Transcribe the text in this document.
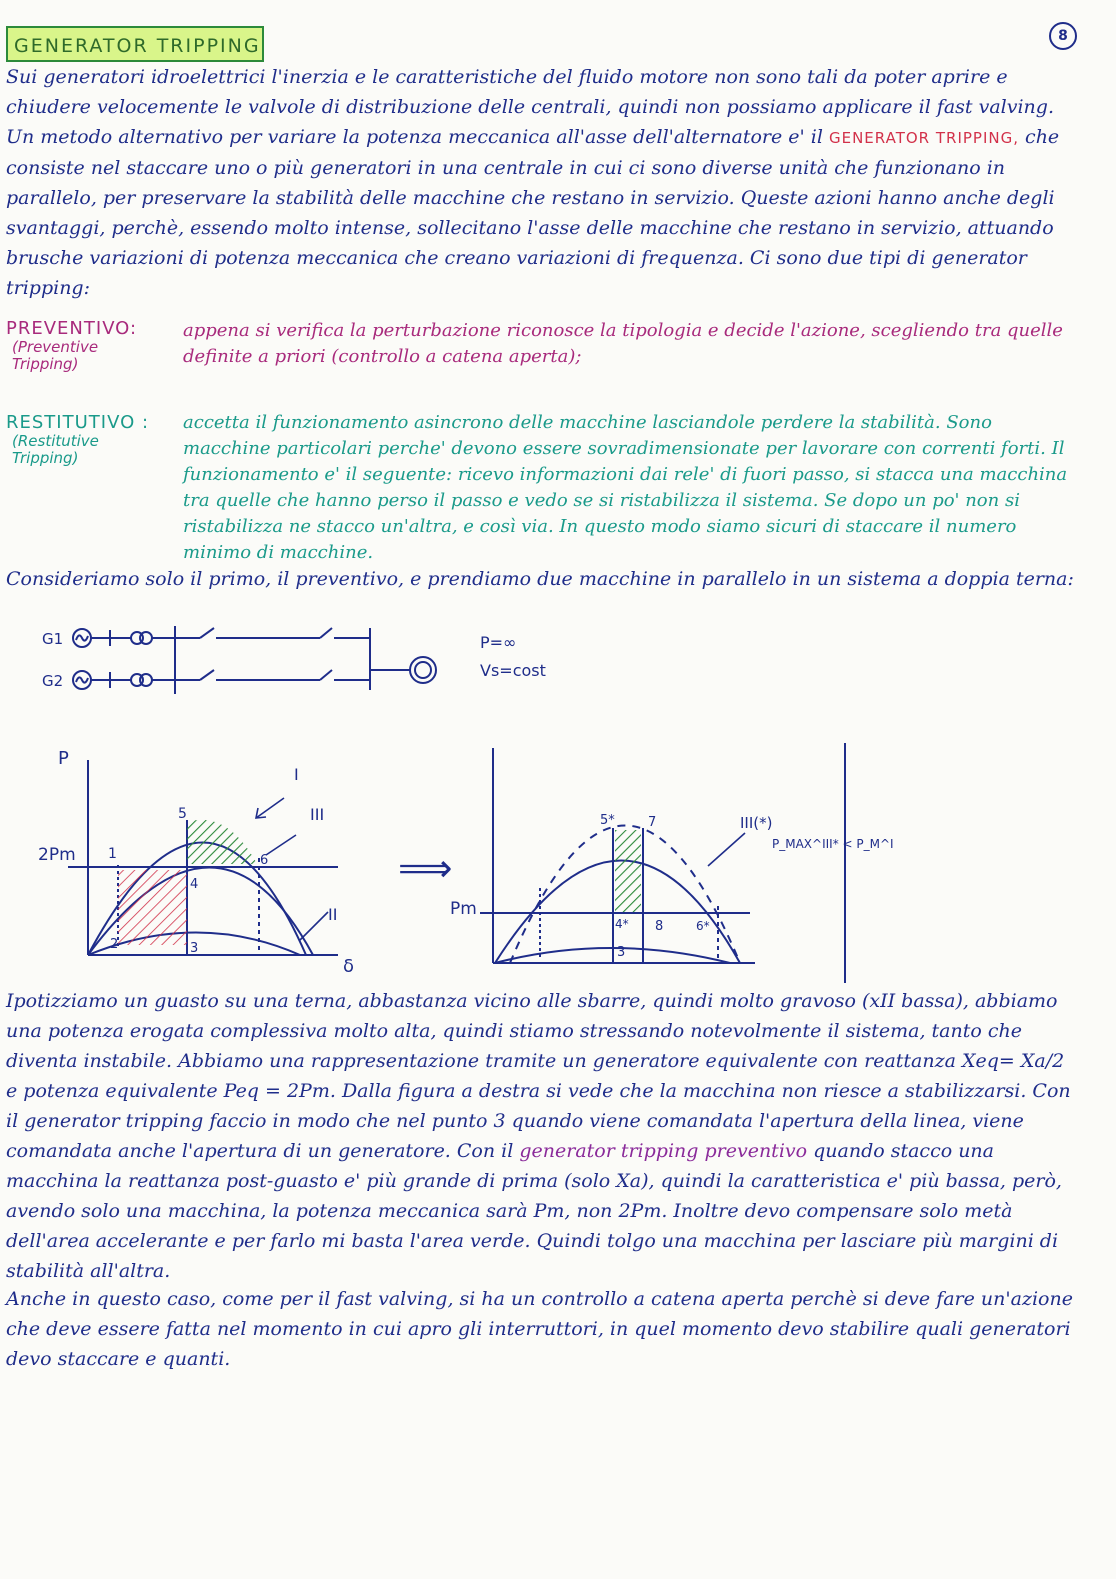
GENERATOR TRIPPING	8

Sui generatori idroelettrici l'inerzia e le caratteristiche del fluido motore non sono tali da poter aprire e chiudere velocemente le valvole di distribuzione delle centrali, quindi non possiamo applicare il fast valving. Un metodo alternativo per variare la potenza meccanica all'asse dell'alternatore e' il GENERATOR TRIPPING, che consiste nel staccare uno o più generatori in una centrale in cui ci sono diverse unità che funzionano in parallelo, per preservare la stabilità delle macchine che restano in servizio. Queste azioni hanno anche degli svantaggi, perchè, essendo molto intense, sollecitano l'asse delle macchine che restano in servizio, attuando brusche variazioni di potenza meccanica che creano variazioni di frequenza. Ci sono due tipi di generator tripping:

PREVENTIVO:
(Preventive
Tripping)

appena si verifica la perturbazione riconosce la tipologia e decide l'azione, scegliendo tra quelle definite a priori (controllo a catena aperta);

RESTITUTIVO :
(Restitutive
Tripping)

accetta il funzionamento asincrono delle macchine lasciandole perdere la stabilità. Sono macchine particolari perche' devono essere sovradimensionate per lavorare con correnti forti. Il funzionamento e' il seguente: ricevo informazioni dai rele' di fuori passo, si stacca una macchina tra quelle che hanno perso il passo e vedo se si ristabilizza il sistema. Se dopo un po' non si ristabilizza ne stacco un'altra, e così via. In questo modo siamo sicuri di staccare il numero minimo di macchine.

Consideriamo solo il primo, il preventivo, e prendiamo due macchine in parallelo in un sistema a doppia terna:

G1
G2
P=∞
Vs=cost
P
δ
2Pm
I
II
III
1
2	3
4
5
6	⟹
Pm
III(*)
3
4*
5*
6*
7
8
P_MAX^III* < P_M^I

Ipotizziamo un guasto su una terna, abbastanza vicino alle sbarre, quindi molto gravoso (xII bassa), abbiamo una potenza erogata complessiva molto alta, quindi stiamo stressando notevolmente il sistema, tanto che diventa instabile. Abbiamo una rappresentazione tramite un generatore equivalente con reattanza Xeq= Xa/2 e potenza equivalente Peq = 2Pm. Dalla figura a destra si vede che la macchina non riesce a stabilizzarsi. Con il generator tripping faccio in modo che nel punto 3 quando viene comandata l'apertura della linea, viene comandata anche l'apertura di un generatore. Con il generator tripping preventivo quando stacco una macchina la reattanza post-guasto e' più grande di prima (solo Xa), quindi la caratteristica e' più bassa, però, avendo solo una macchina, la potenza meccanica sarà Pm, non 2Pm. Inoltre devo compensare solo metà dell'area accelerante e per farlo mi basta l'area verde. Quindi tolgo una macchina per lasciare più margini di stabilità all'altra.

Anche in questo caso, come per il fast valving, si ha un controllo a catena aperta perchè si deve fare un'azione che deve essere fatta nel momento in cui apro gli interruttori, in quel momento devo stabilire quali generatori devo staccare e quanti.
